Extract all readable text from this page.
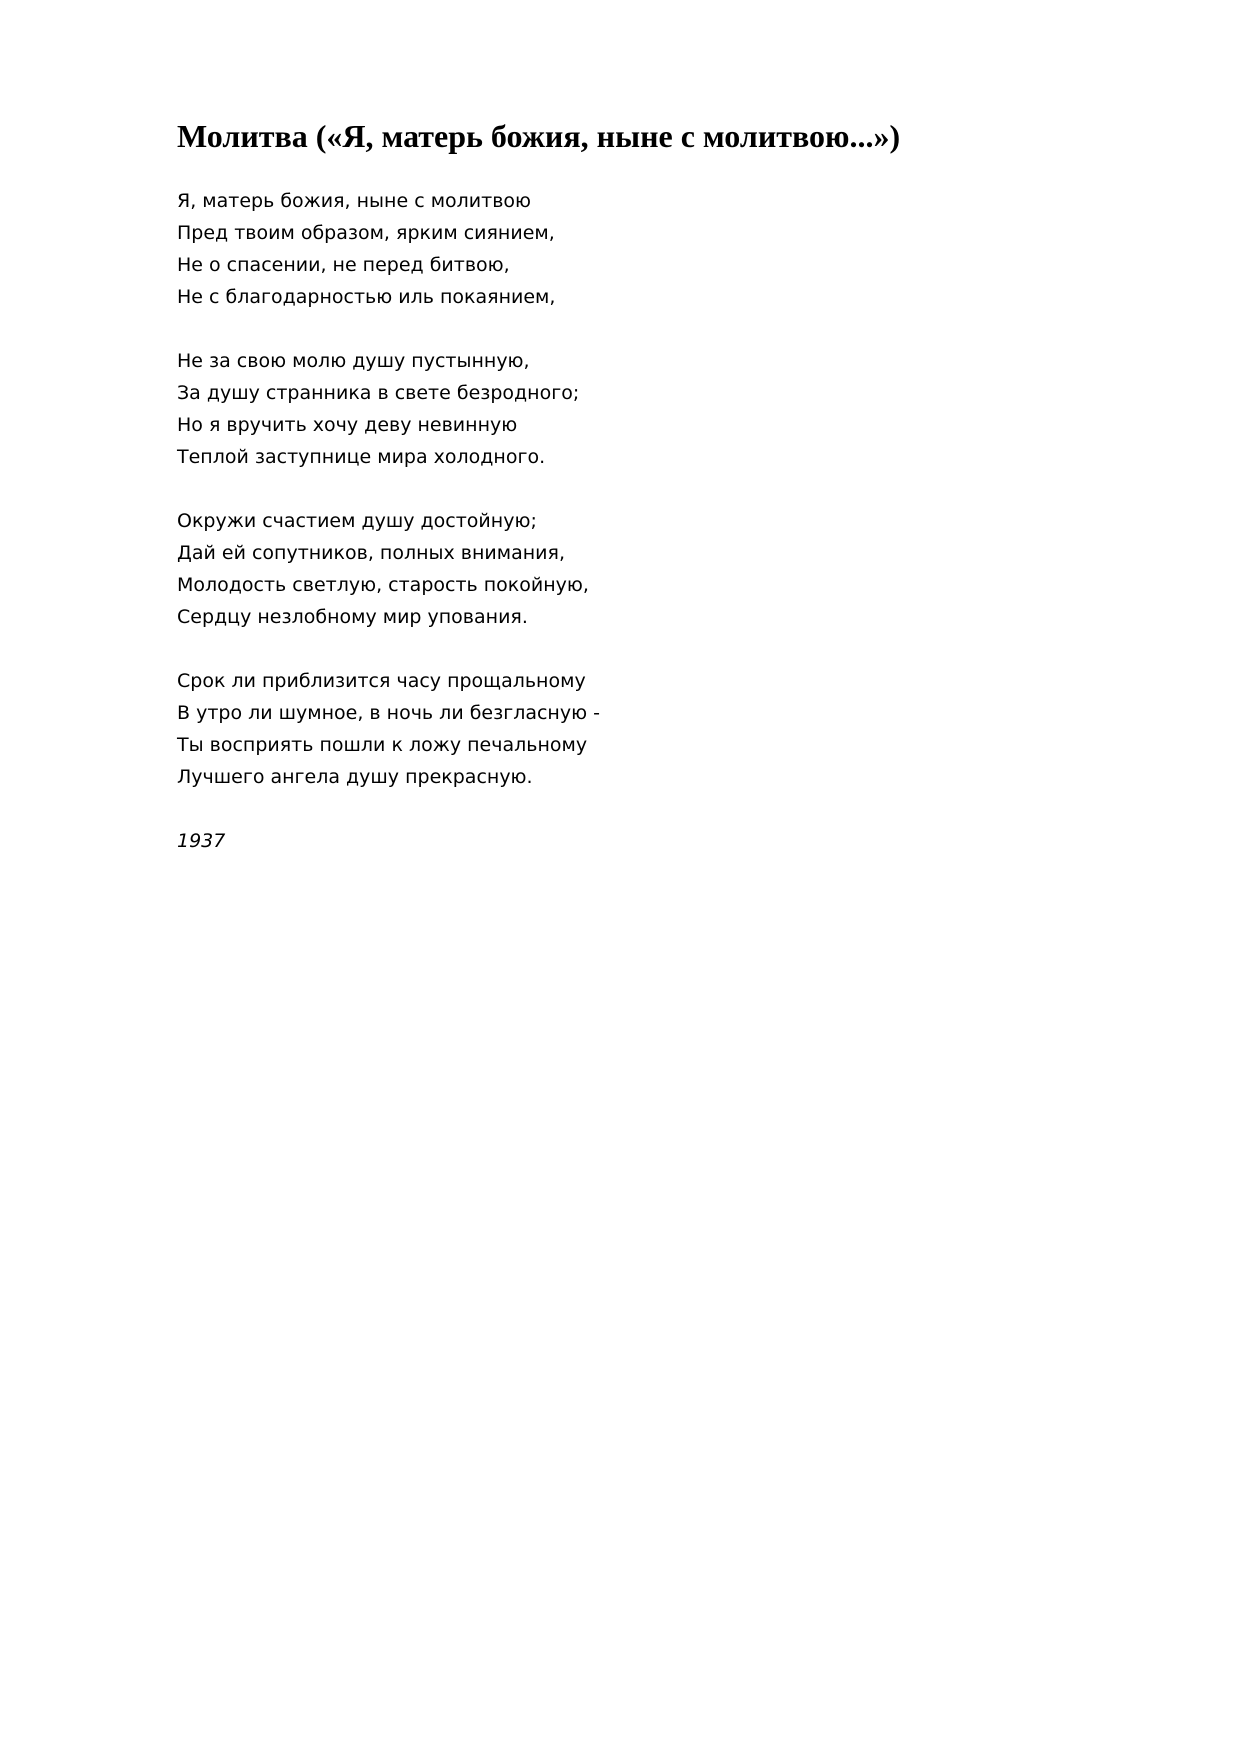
Молитва («Я, матерь божия, ныне с молитвою...»)
Я, матерь божия, ныне с молитвою
Пред твоим образом, ярким сиянием,
Не о спасении, не перед битвою,
Не с благодарностью иль покаянием,
Не за свою молю душу пустынную,
За душу странника в свете безродного;
Но я вручить хочу деву невинную
Теплой заступнице мира холодного.
Окружи счастием душу достойную;
Дай ей сопутников, полных внимания,
Молодость светлую, старость покойную,
Сердцу незлобному мир упования.
Срок ли приблизится часу прощальному
В утро ли шумное, в ночь ли безгласную -
Ты восприять пошли к ложу печальному
Лучшего ангела душу прекрасную.

1937
